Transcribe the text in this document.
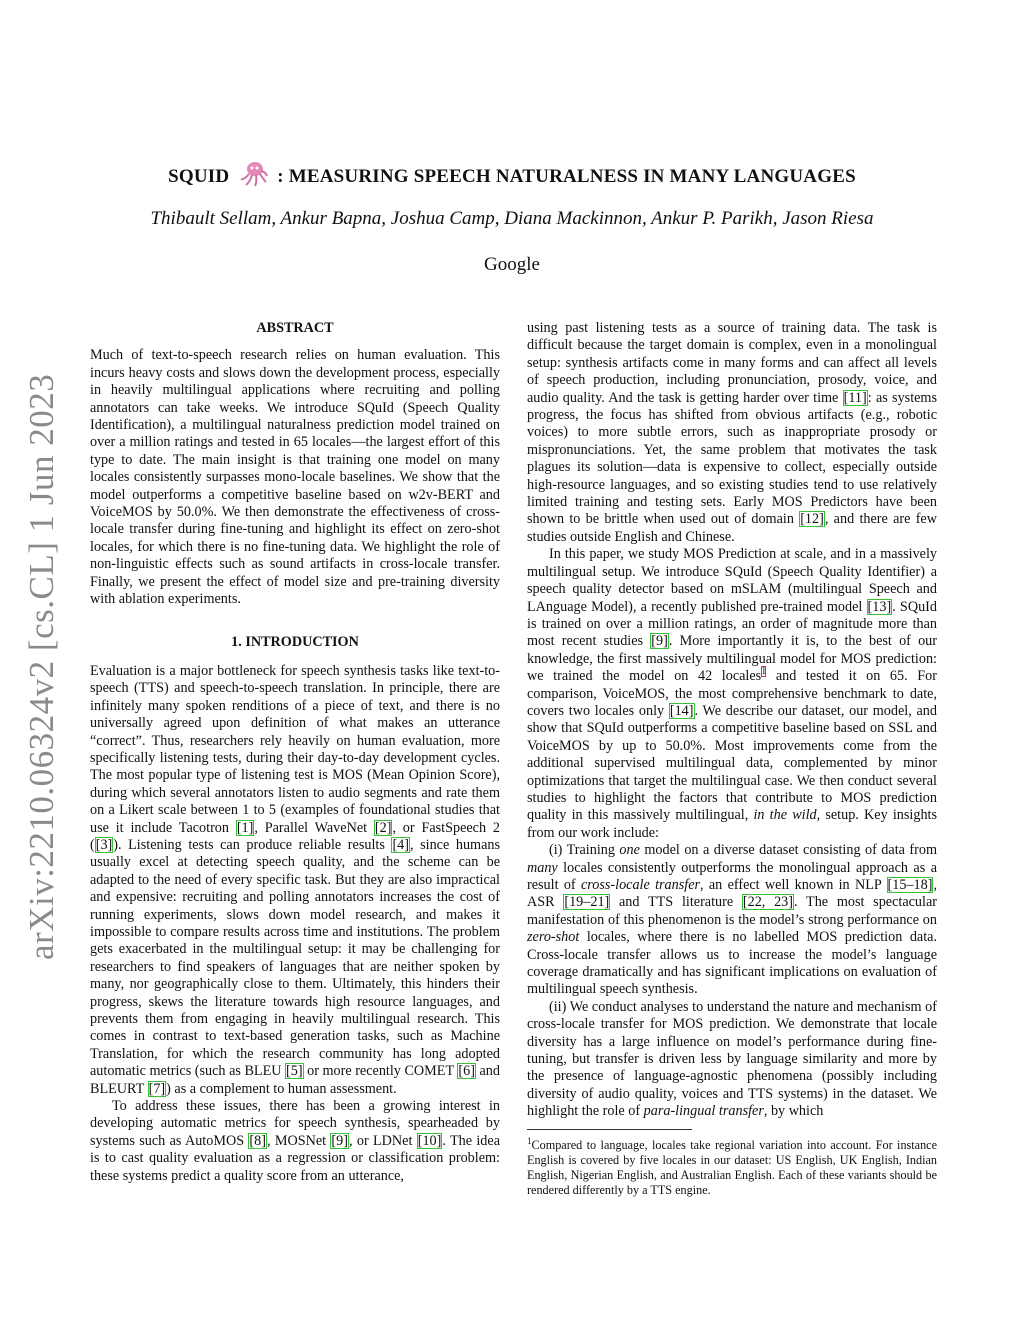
arXiv:2210.06324v2 [cs.CL] 1 Jun 2023
SQUID	: MEASURING SPEECH NATURALNESS IN MANY LANGUAGES
Thibault Sellam, Ankur Bapna, Joshua Camp, Diana Mackinnon, Ankur P. Parikh, Jason Riesa
Google
ABSTRACT

Much of text-to-speech research relies on human evaluation. This incurs heavy costs and slows down the development process, especially in heavily multilingual applications where recruiting and polling annotators can take weeks. We introduce SQuId (Speech Quality Identification), a multilingual naturalness prediction model trained on over a million ratings and tested in 65 locales—the largest effort of this type to date. The main insight is that training one model on many locales consistently surpasses mono-locale baselines. We show that the model outperforms a competitive baseline based on w2v-BERT and VoiceMOS by 50.0%. We then demonstrate the effectiveness of cross-locale transfer during fine-tuning and highlight its effect on zero-shot locales, for which there is no fine-tuning data. We highlight the role of non-linguistic effects such as sound artifacts in cross-locale transfer. Finally, we present the effect of model size and pre-training diversity with ablation experiments.

1. INTRODUCTION

Evaluation is a major bottleneck for speech synthesis tasks like text-to-speech (TTS) and speech-to-speech translation. In principle, there are infinitely many spoken renditions of a piece of text, and there is no universally agreed upon definition of what makes an utterance “correct”. Thus, researchers rely heavily on human evaluation, more specifically listening tests, during their day-to-day development cycles. The most popular type of listening test is MOS (Mean Opinion Score), during which several annotators listen to audio segments and rate them on a Likert scale between 1 to 5 (examples of foundational studies that use it include Tacotron [1], Parallel WaveNet [2], or FastSpeech 2 ([3]). Listening tests can produce reliable results [4], since humans usually excel at detecting speech quality, and the scheme can be adapted to the need of every specific task. But they are also impractical and expensive: recruiting and polling annotators increases the cost of running experiments, slows down model research, and makes it impossible to compare results across time and institutions. The problem gets exacerbated in the multilingual setup: it may be challenging for researchers to find speakers of languages that are neither spoken by many, nor geographically close to them. Ultimately, this hinders their progress, skews the literature towards high resource languages, and prevents them from engaging in heavily multilingual research. This comes in contrast to text-based generation tasks, such as Machine Translation, for which the research community has long adopted automatic metrics (such as BLEU [5] or more recently COMET [6] and BLEURT [7]) as a complement to human assessment.

To address these issues, there has been a growing interest in developing automatic metrics for speech synthesis, spearheaded by systems such as AutoMOS [8], MOSNet [9], or LDNet [10]. The idea is to cast quality evaluation as a regression or classification problem: these systems predict a quality score from an utterance,

using past listening tests as a source of training data. The task is difficult because the target domain is complex, even in a monolingual setup: synthesis artifacts come in many forms and can affect all levels of speech production, including pronunciation, prosody, voice, and audio quality. And the task is getting harder over time [11]: as systems progress, the focus has shifted from obvious artifacts (e.g., robotic voices) to more subtle errors, such as inappropriate prosody or mispronunciations. Yet, the same problem that motivates the task plagues its solution—data is expensive to collect, especially outside high-resource languages, and so existing studies tend to use relatively limited training and testing sets. Early MOS Predictors have been shown to be brittle when used out of domain [12], and there are few studies outside English and Chinese.

In this paper, we study MOS Prediction at scale, and in a massively multilingual setup. We introduce SQuId (Speech Quality Identifier) a speech quality detector based on mSLAM (multilingual Speech and LAnguage Model), a recently published pre-trained model [13]. SQuId is trained on over a million ratings, an order of magnitude more than most recent studies [9]. More importantly it is, to the best of our knowledge, the first massively multilingual model for MOS prediction: we trained the model on 42 locales$^1$ and tested it on 65. For comparison, VoiceMOS, the most comprehensive benchmark to date, covers two locales only [14]. We describe our dataset, our model, and show that SQuId outperforms a competitive baseline based on SSL and VoiceMOS by up to 50.0%. Most improvements come from the additional supervised multilingual data, complemented by minor optimizations that target the multilingual case. We then conduct several studies to highlight the factors that contribute to MOS prediction quality in this massively multilingual, in the wild, setup. Key insights from our work include:

(i) Training one model on a diverse dataset consisting of data from many locales consistently outperforms the monolingual approach as a result of cross-locale transfer, an effect well known in NLP [15–18], ASR [19–21] and TTS literature [22, 23]. The most spectacular manifestation of this phenomenon is the model’s strong performance on zero-shot locales, where there is no labelled MOS prediction data. Cross-locale transfer allows us to increase the model’s language coverage dramatically and has significant implications on evaluation of multilingual speech synthesis.

(ii) We conduct analyses to understand the nature and mechanism of cross-locale transfer for MOS prediction. We demonstrate that locale diversity has a large influence on model’s performance during fine-tuning, but transfer is driven less by language similarity and more by the presence of language-agnostic phenomena (possibly including diversity of audio quality, voices and TTS systems) in the dataset. We highlight the role of para-lingual transfer, by which

$^1$Compared to language, locales take regional variation into account. For instance English is covered by five locales in our dataset: US English, UK English, Indian English, Nigerian English, and Australian English. Each of these variants should be rendered differently by a TTS engine.
